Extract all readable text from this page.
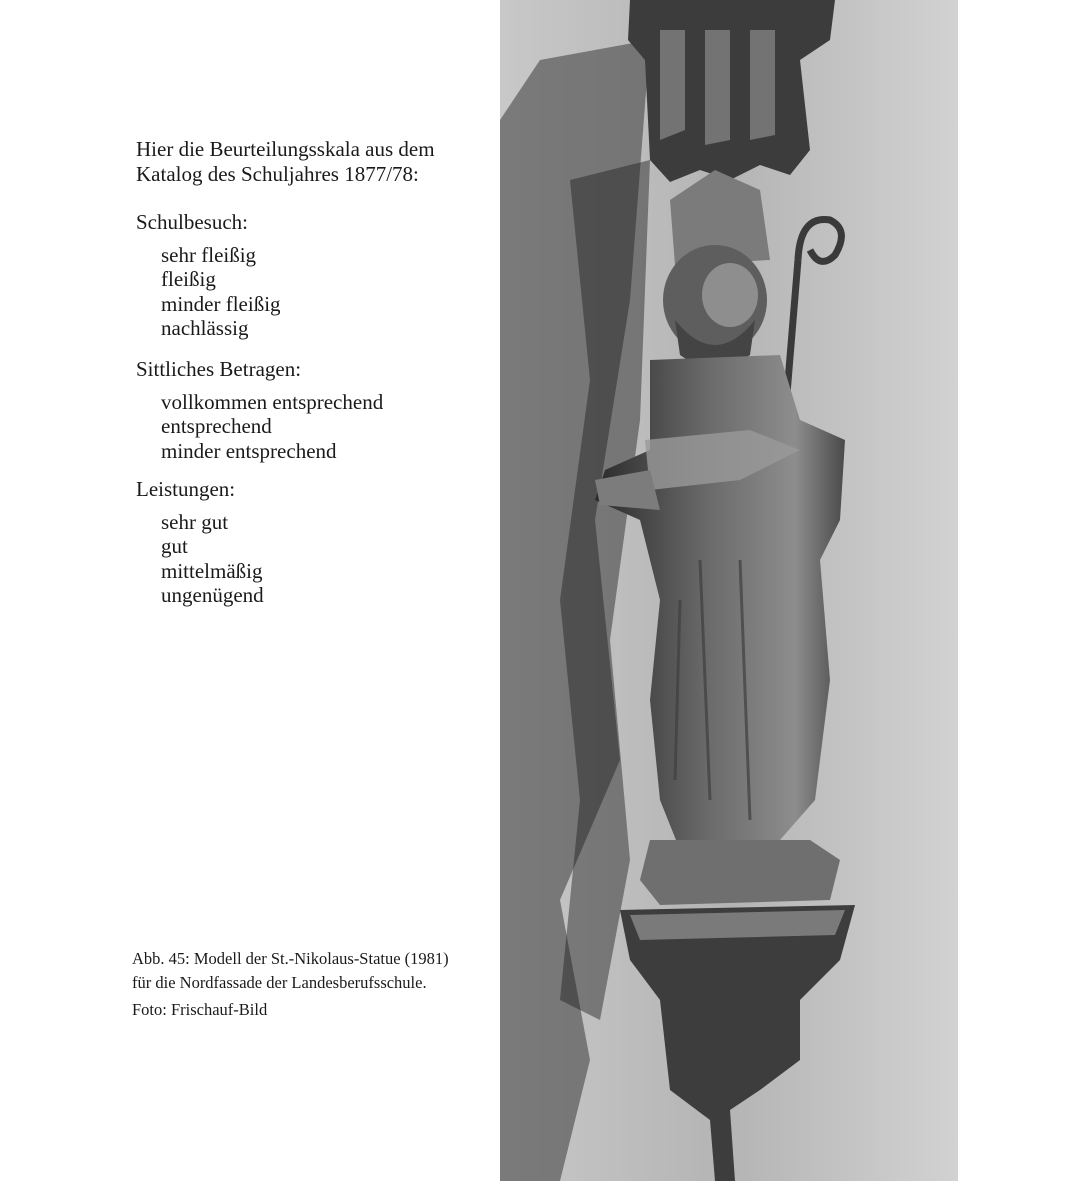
Hier die Beurteilungsskala aus dem
Katalog des Schuljahres 1877/78:

Schulbesuch:

sehr fleißig
fleißig
minder fleißig
nachlässig

Sittliches Betragen:

vollkommen entsprechend
entsprechend
minder entsprechend

Leistungen:

sehr gut
gut
mittelmäßig
ungenügend
Abb. 45: Modell der St.-Nikolaus-Statue (1981)
für die Nordfassade der Landesberufsschule.
Foto: Frischauf-Bild
